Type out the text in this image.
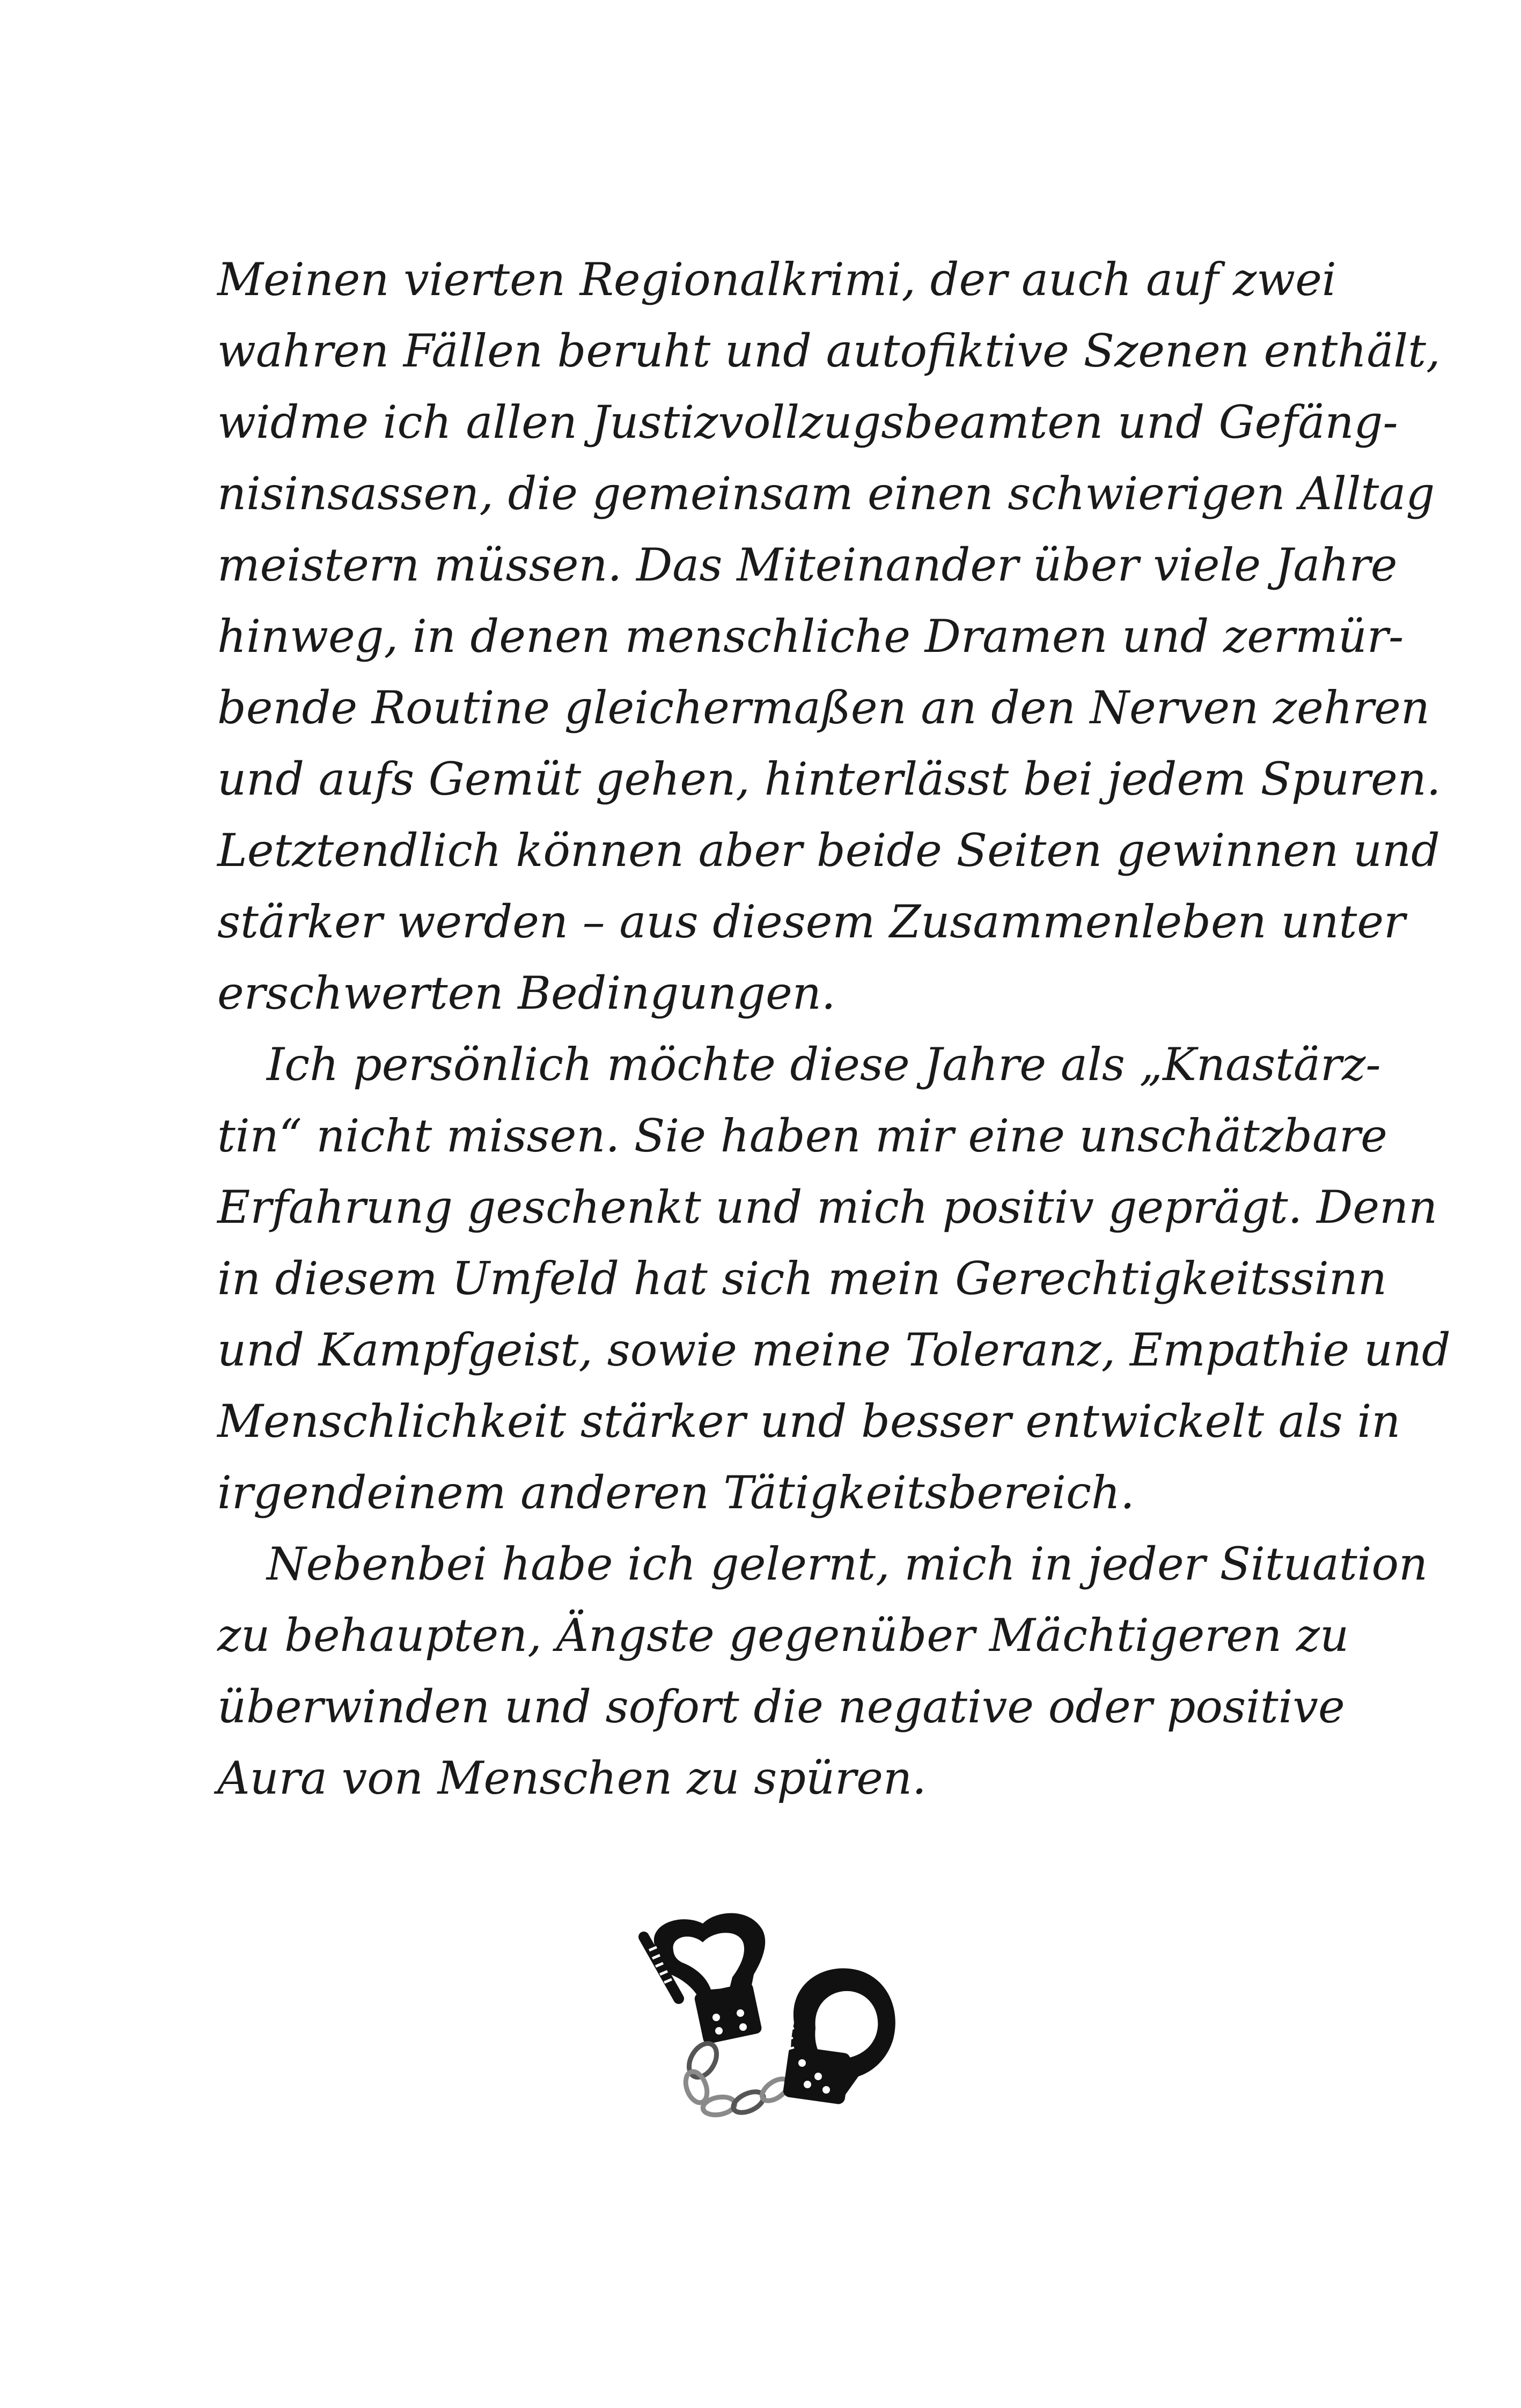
Meinen vierten Regionalkrimi, der auch auf zwei
wahren Fällen beruht und autofiktive Szenen enthält,
widme ich allen Justizvollzugsbeamten und Gefäng-
nisinsassen, die gemeinsam einen schwierigen Alltag
meistern müssen. Das Miteinander über viele Jahre
hinweg, in denen menschliche Dramen und zermür-
bende Routine gleichermaßen an den Nerven zehren
und aufs Gemüt gehen, hinterlässt bei jedem Spuren.
Letztendlich können aber beide Seiten gewinnen und
stärker werden – aus diesem Zusammenleben unter
erschwerten Bedingungen.
Ich persönlich möchte diese Jahre als „Knastärz-
tin“ nicht missen. Sie haben mir eine unschätzbare
Erfahrung geschenkt und mich positiv geprägt. Denn
in diesem Umfeld hat sich mein Gerechtigkeitssinn
und Kampfgeist, sowie meine Toleranz, Empathie und
Menschlichkeit stärker und besser entwickelt als in
irgendeinem anderen Tätigkeitsbereich.
Nebenbei habe ich gelernt, mich in jeder Situation
zu behaupten, Ängste gegenüber Mächtigeren zu
überwinden und sofort die negative oder positive
Aura von Menschen zu spüren.
